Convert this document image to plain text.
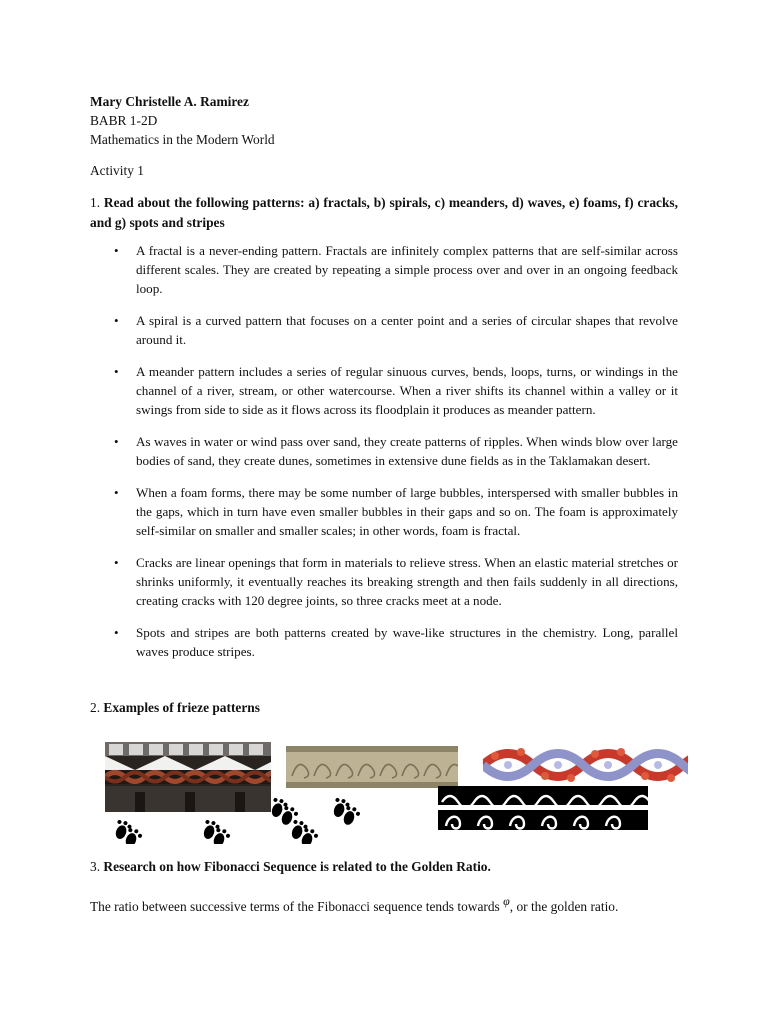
Mary Christelle A. Ramirez
BABR 1-2D
Mathematics in the Modern World
Activity 1
1. Read about the following patterns: a) fractals, b) spirals, c) meanders, d) waves, e) foams, f) cracks, and g) spots and stripes
• A fractal is a never-ending pattern. Fractals are infinitely complex patterns that are self-similar across different scales. They are created by repeating a simple process over and over in an ongoing feedback loop.
• A spiral is a curved pattern that focuses on a center point and a series of circular shapes that revolve around it.
• A meander pattern includes a series of regular sinuous curves, bends, loops, turns, or windings in the channel of a river, stream, or other watercourse. When a river shifts its channel within a valley or it swings from side to side as it flows across its floodplain it produces as meander pattern.
• As waves in water or wind pass over sand, they create patterns of ripples. When winds blow over large bodies of sand, they create dunes, sometimes in extensive dune fields as in the Taklamakan desert.
• When a foam forms, there may be some number of large bubbles, interspersed with smaller bubbles in the gaps, which in turn have even smaller bubbles in their gaps and so on. The foam is approximately self-similar on smaller and smaller scales; in other words, foam is fractal.
• Cracks are linear openings that form in materials to relieve stress. When an elastic material stretches or shrinks uniformly, it eventually reaches its breaking strength and then fails suddenly in all directions, creating cracks with 120 degree joints, so three cracks meet at a node.
• Spots and stripes are both patterns created by wave-like structures in the chemistry. Long, parallel waves produce stripes.
2. Examples of frieze patterns
3. Research on how Fibonacci Sequence is related to the Golden Ratio.
The ratio between successive terms of the Fibonacci sequence tends towards φ, or the golden ratio.
